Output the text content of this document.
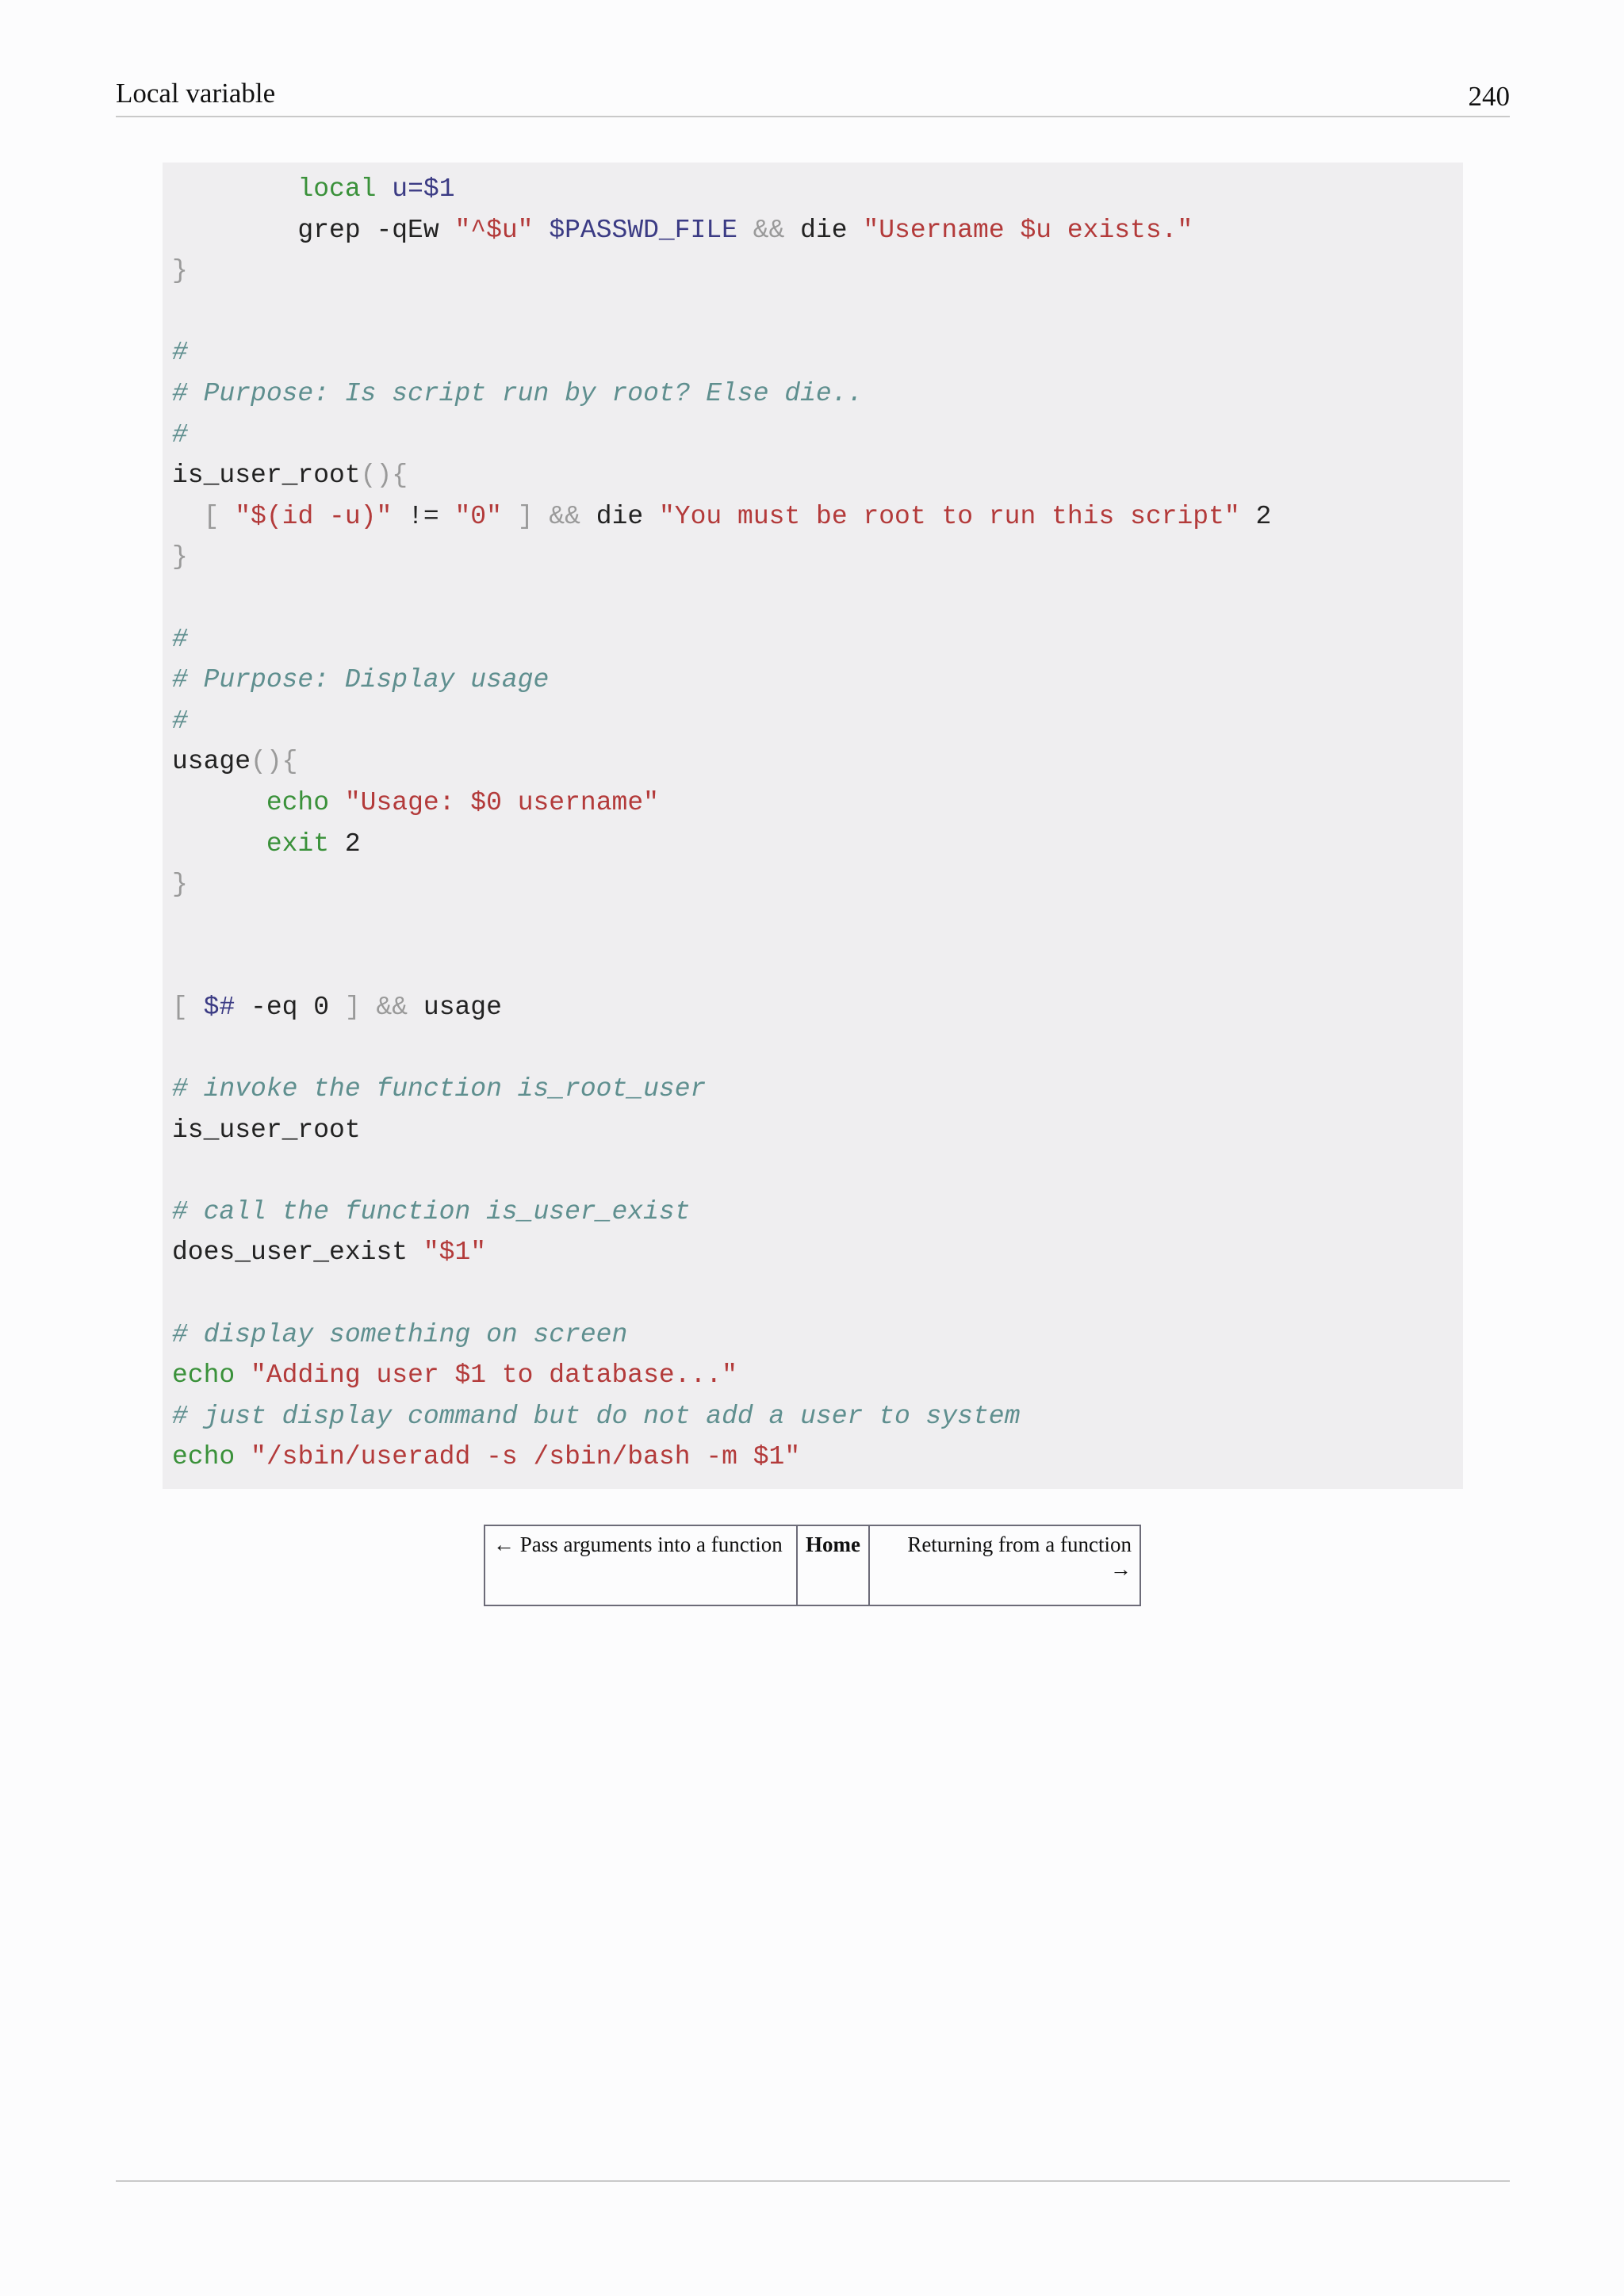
Local variable	240
local u=$1
grep -qEw "^$u" $PASSWD_FILE && die "Username $u exists."
}

#
# Purpose: Is script run by root? Else die..
#
is_user_root(){
[ "$(id -u)" != "0" ] && die "You must be root to run this script" 2
}

#
# Purpose: Display usage
#
usage(){
echo "Usage: $0 username"
exit 2
}

[ $# -eq 0 ] && usage

# invoke the function is_root_user
is_user_root

# call the function is_user_exist
does_user_exist "$1"

# display something on screen
echo "Adding user $1 to database..."
# just display command but do not add a user to system
echo "/sbin/useradd -s /sbin/bash -m $1"
← Pass arguments into a function	Home	Returning from a function
→
